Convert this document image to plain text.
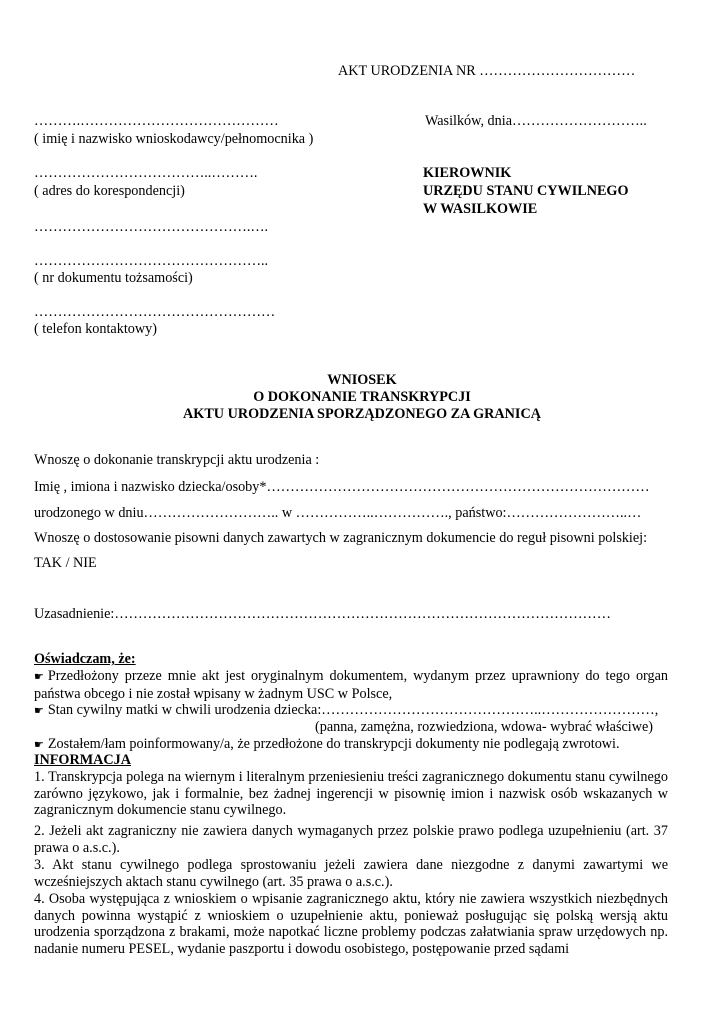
AKT URODZENIA NR ……………………………
……….……………………………………	Wasilków, dnia………………………..
( imię i nazwisko wnioskodawcy/pełnomocnika )
………………………………..……….
( adres do korespondencji)
……………………………………….….
KIEROWNIK
URZĘDU STANU CYWILNEGO
W WASILKOWIE
…………………………………………..
( nr dokumentu tożsamości)
……………………………………………
( telefon kontaktowy)
WNIOSEK
O DOKONANIE TRANSKRYPCJI
AKTU URODZENIA SPORZĄDZONEGO ZA GRANICĄ
Wnoszę o dokonanie transkrypcji aktu urodzenia :
Imię , imiona i nazwisko dziecka/osoby*………………………………………………………………………
urodzonego w dniu……………………….. w ……………..……………., państwo:……………………..…
Wnoszę o dostosowanie pisowni danych zawartych w zagranicznym dokumencie do reguł pisowni polskiej:
TAK / NIE
Uzasadnienie:……………………………………………………………………………………………
Oświadczam, że:
☛ Przedłożony przeze mnie akt jest oryginalnym dokumentem, wydanym przez uprawniony do tego organ państwa obcego i nie został wpisany w żadnym USC w Polsce,
☛ Stan cywilny matki w chwili urodzenia dziecka:………………………………………..……………………,
(panna, zamężna, rozwiedziona, wdowa- wybrać właściwe)
☛ Zostałem/łam poinformowany/a, że przedłożone do transkrypcji dokumenty nie podlegają zwrotowi.
INFORMACJA
1. Transkrypcja polega na wiernym i literalnym przeniesieniu treści zagranicznego dokumentu stanu cywilnego zarówno językowo, jak i formalnie, bez żadnej ingerencji w pisownię imion i nazwisk osób wskazanych w zagranicznym dokumencie stanu cywilnego.
2. Jeżeli akt zagraniczny nie zawiera danych wymaganych przez polskie prawo podlega uzupełnieniu (art. 37 prawa o a.s.c.).
3. Akt stanu cywilnego podlega sprostowaniu jeżeli zawiera dane niezgodne z danymi zawartymi we wcześniejszych aktach stanu cywilnego (art. 35 prawa o a.s.c.).
4. Osoba występująca z wnioskiem o wpisanie zagranicznego aktu, który nie zawiera wszystkich niezbędnych danych powinna wystąpić z wnioskiem o uzupełnienie aktu, ponieważ posługując się polską wersją aktu urodzenia sporządzona z brakami, może napotkać liczne problemy podczas załatwiania spraw urzędowych np. nadanie numeru PESEL, wydanie paszportu i dowodu osobistego, postępowanie przed sądami
